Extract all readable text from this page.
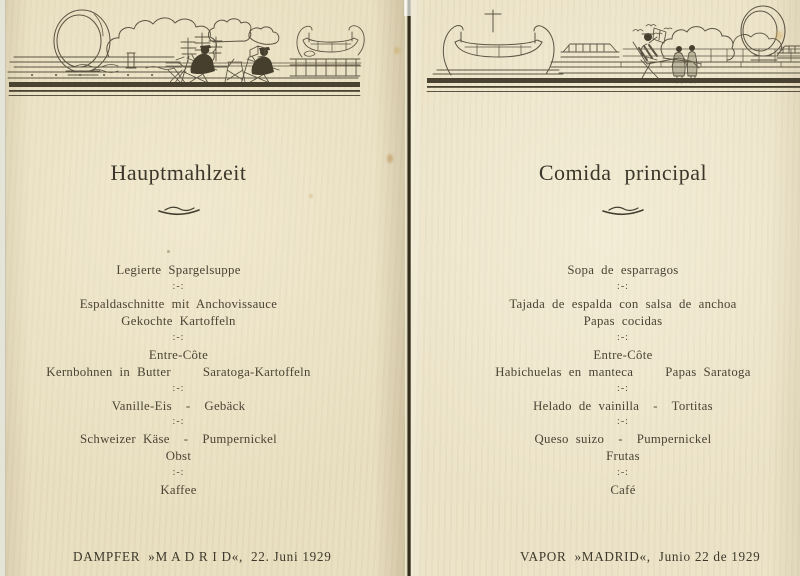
Hauptmahlzeit
Legierte Spargelsuppe
:-:
Espaldaschnitte mit Anchovissauce
Gekochte Kartoffeln
:-:
Entre-Côte
Kernbohnen in Butter	Saratoga-Kartoffeln
:-:
Vanille-Eis  -  Gebäck
:-:
Schweizer Käse  -  Pumpernickel
Obst
:-:
Kaffee
DAMPFER  »M A D R I D«,  22. Juni 1929
Comida principal
Sopa de esparragos
:-:
Tajada de espalda con salsa de anchoa
Papas cocidas
:-:
Entre-Côte
Habichuelas en manteca	Papas Saratoga
:-:
Helado de vainilla  -  Tortitas
:-:
Queso suizo  -  Pumpernickel
Frutas
:-:
Café
VAPOR  »MADRID«,  Junio 22 de 1929
